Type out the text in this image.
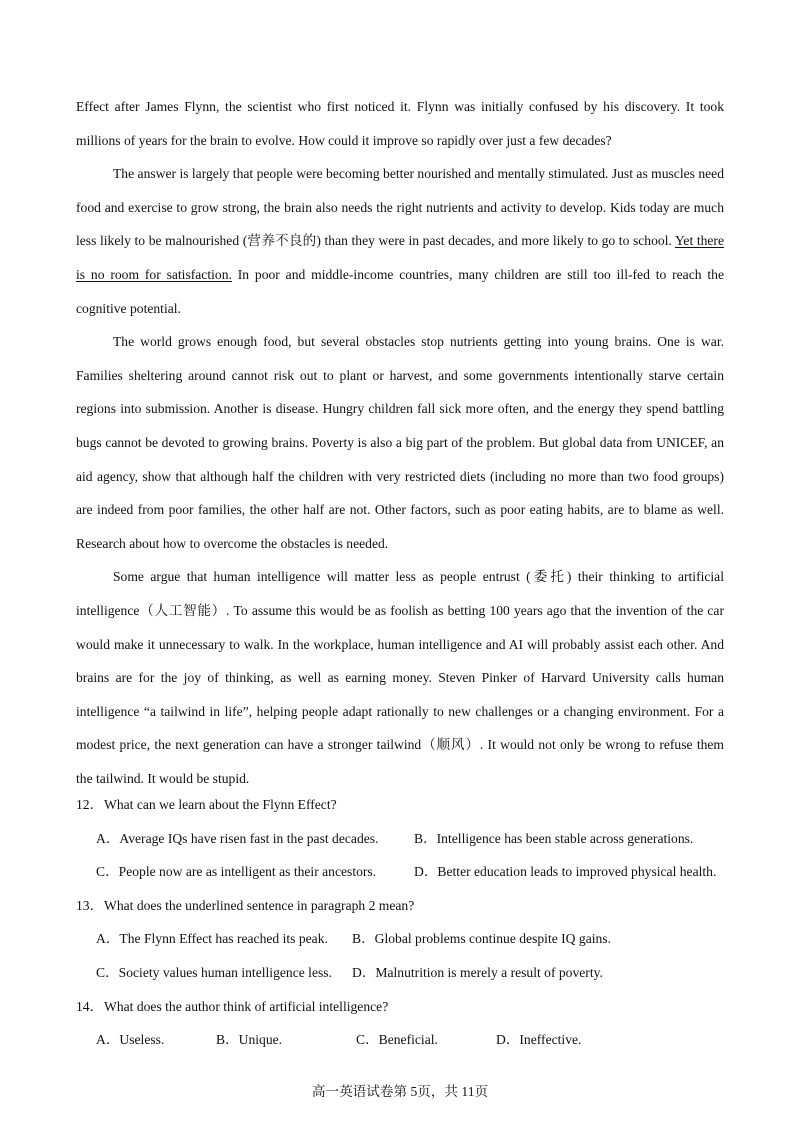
Effect after James Flynn, the scientist who first noticed it. Flynn was initially confused by his discovery. It took millions of years for the brain to evolve. How could it improve so rapidly over just a few decades?

The answer is largely that people were becoming better nourished and mentally stimulated. Just as muscles need food and exercise to grow strong, the brain also needs the right nutrients and activity to develop. Kids today are much less likely to be malnourished (营养不良的) than they were in past decades, and more likely to go to school. Yet there is no room for satisfaction. In poor and middle-income countries, many children are still too ill-fed to reach the cognitive potential.

The world grows enough food, but several obstacles stop nutrients getting into young brains. One is war. Families sheltering around cannot risk out to plant or harvest, and some governments intentionally starve certain regions into submission. Another is disease. Hungry children fall sick more often, and the energy they spend battling bugs cannot be devoted to growing brains. Poverty is also a big part of the problem. But global data from UNICEF, an aid agency, show that although half the children with very restricted diets (including no more than two food groups) are indeed from poor families, the other half are not. Other factors, such as poor eating habits, are to blame as well. Research about how to overcome the obstacles is needed.

Some argue that human intelligence will matter less as people entrust (委托) their thinking to artificial intelligence（人工智能）. To assume this would be as foolish as betting 100 years ago that the invention of the car would make it unnecessary to walk. In the workplace, human intelligence and AI will probably assist each other. And brains are for the joy of thinking, as well as earning money. Steven Pinker of Harvard University calls human intelligence “a tailwind in life”, helping people adapt rationally to new challenges or a changing environment. For a modest price, the next generation can have a stronger tailwind（顺风）. It would not only be wrong to refuse them the tailwind. It would be stupid.

12．What can we learn about the Flynn Effect?

A．Average IQs have risen fast in the past decades.	B．Intelligence has been stable across generations.

C．People now are as intelligent as their ancestors.	D．Better education leads to improved physical health.

13．What does the underlined sentence in paragraph 2 mean?

A．The Flynn Effect has reached its peak. B．Global problems continue despite IQ gains.

C．Society values human intelligence less. D．Malnutrition is merely a result of poverty.

14．What does the author think of artificial intelligence?

A．Useless.	B．Unique.	C．Beneficial.	D．Ineffective.

高一英语试卷第 5页，共 11页
